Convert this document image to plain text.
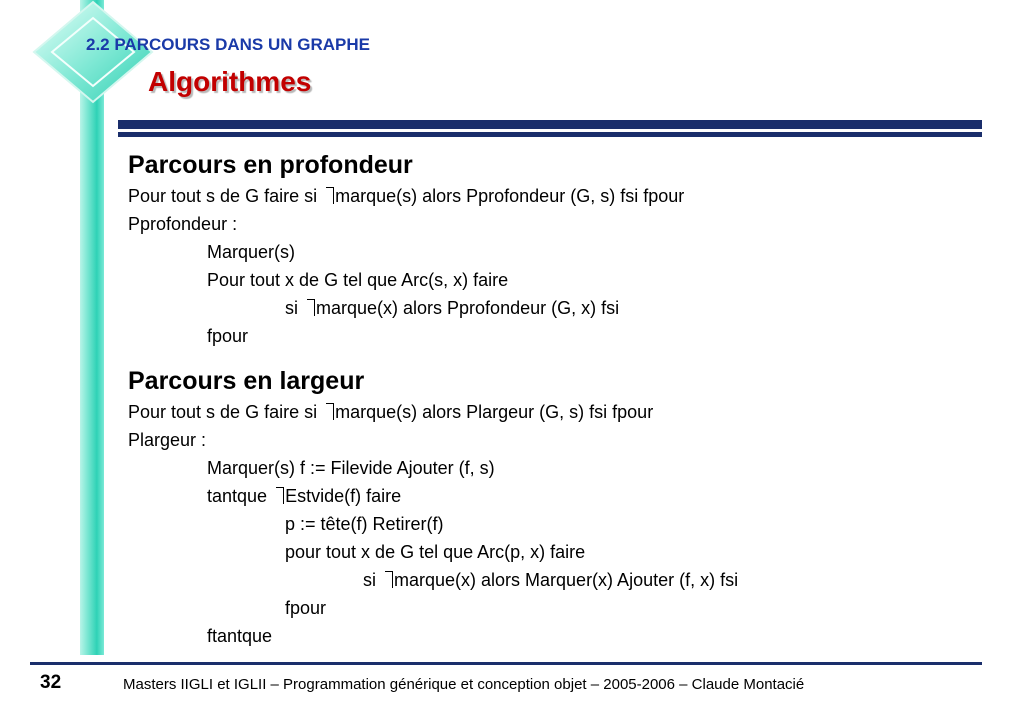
2.2 PARCOURS DANS UN GRAPHE

Algorithmes
Parcours en profondeur

Pour tout s de G faire si marque(s) alors Pprofondeur (G, s) fsi fpour

Pprofondeur :

Marquer(s)

Pour tout x de G tel que Arc(s, x) faire

si marque(x) alors Pprofondeur (G, x) fsi

fpour

Parcours en largeur

Pour tout s de G faire si marque(s) alors Plargeur (G, s) fsi fpour

Plargeur :

Marquer(s) f := Filevide Ajouter (f, s)

tantque Estvide(f) faire

p := tête(f) Retirer(f)

pour tout x de G tel que Arc(p, x) faire

si marque(x) alors Marquer(x) Ajouter (f, x) fsi

fpour

ftantque

32	Masters IIGLI et IGLII – Programmation générique et conception objet – 2005-2006 – Claude Montacié
